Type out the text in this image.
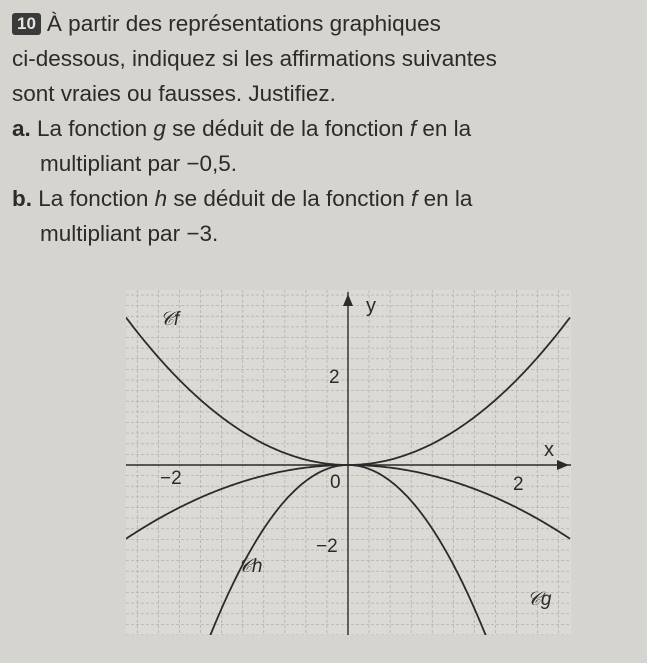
10 À partir des représentations graphiques
ci-dessous, indiquez si les affirmations suivantes
sont vraies ou fausses. Justifiez.
a. La fonction g se déduit de la fonction f en la
multipliant par −0,5.
b. La fonction h se déduit de la fonction f en la
multipliant par −3.
y
x
0
−2	2
2
−2
𝒞f
𝒞h
𝒞g
